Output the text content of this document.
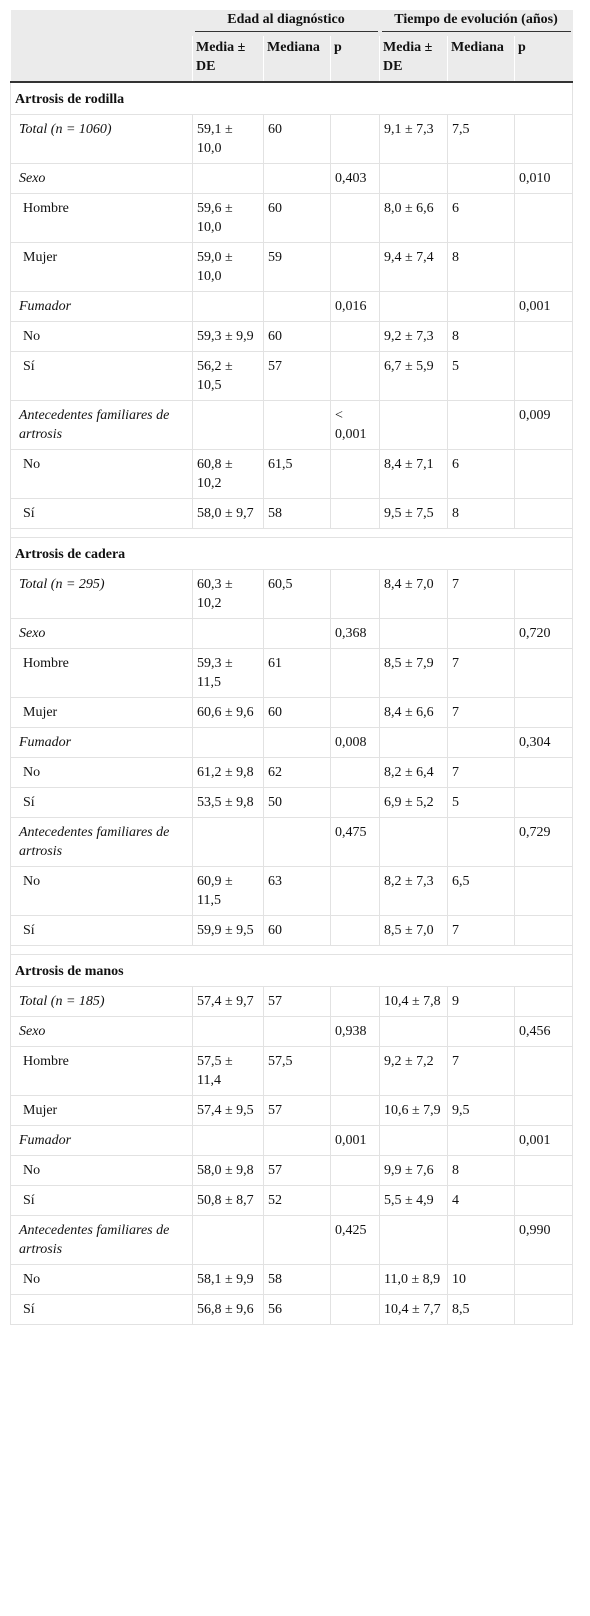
	Edad al diagnóstico			Tiempo de evolución (años)		

	Media ± DE	Mediana	p	Media ± DE	Mediana	p
Artrosis de rodilla						
Total (n = 1060)	59,1 ± 10,0	60		9,1 ± 7,3	7,5	
Sexo			0,403			0,010
Hombre	59,6 ± 10,0	60		8,0 ± 6,6	6	
Mujer	59,0 ± 10,0	59		9,4 ± 7,4	8	
Fumador			0,016			0,001
No	59,3 ± 9,9	60		9,2 ± 7,3	8	
Sí	56,2 ± 10,5	57		6,7 ± 5,9	5	
Antecedentes familiares de artrosis			< 0,001			0,009
No	60,8 ± 10,2	61,5		8,4 ± 7,1	6	
Sí	58,0 ± 9,7	58		9,5 ± 7,5	8	

Artrosis de cadera						
Total (n = 295)	60,3 ± 10,2	60,5		8,4 ± 7,0	7	
Sexo			0,368			0,720
Hombre	59,3 ± 11,5	61		8,5 ± 7,9	7	
Mujer	60,6 ± 9,6	60		8,4 ± 6,6	7	
Fumador			0,008			0,304
No	61,2 ± 9,8	62		8,2 ± 6,4	7	
Sí	53,5 ± 9,8	50		6,9 ± 5,2	5	
Antecedentes familiares de artrosis			0,475			0,729
No	60,9 ± 11,5	63		8,2 ± 7,3	6,5	
Sí	59,9 ± 9,5	60		8,5 ± 7,0	7	

Artrosis de manos						
Total (n = 185)	57,4 ± 9,7	57		10,4 ± 7,8	9	
Sexo			0,938			0,456
Hombre	57,5 ± 11,4	57,5		9,2 ± 7,2	7	
Mujer	57,4 ± 9,5	57		10,6 ± 7,9	9,5	
Fumador			0,001			0,001
No	58,0 ± 9,8	57		9,9 ± 7,6	8	
Sí	50,8 ± 8,7	52		5,5 ± 4,9	4	
Antecedentes familiares de artrosis			0,425			0,990
No	58,1 ± 9,9	58		11,0 ± 8,9	10	
Sí	56,8 ± 9,6	56		10,4 ± 7,7	8,5	
